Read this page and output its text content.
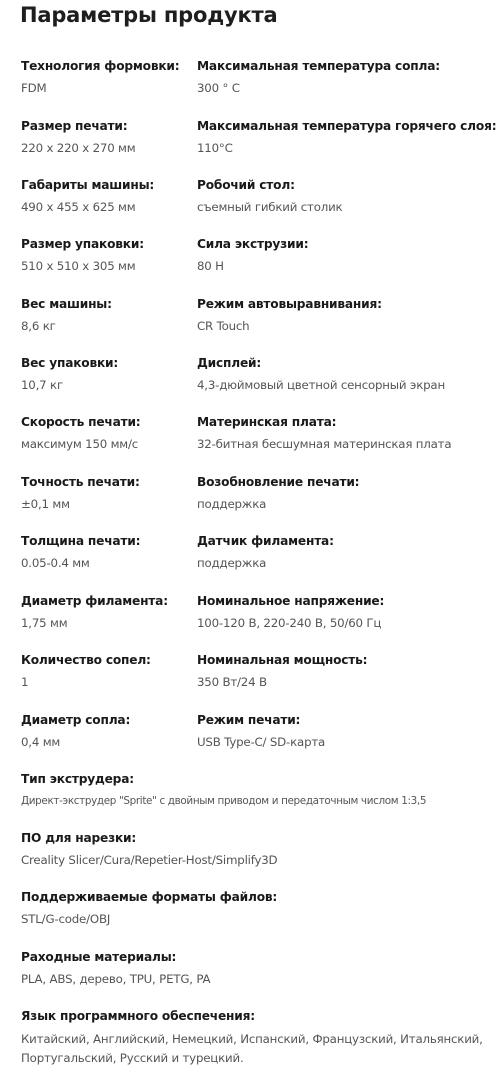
Параметры продукта
Технология формовки:
FDM
Максимальная температура сопла:
300 ° C
Размер печати:
220 x 220 x 270 мм
Максимальная температура горячего слоя:
110°C
Габариты машины:
490 x 455 x 625 мм
Робочий стол:
съемный гибкий столик
Размер упаковки:
510 x 510 x 305 мм
Сила экструзии:
80 Н
Вес машины:
8,6 кг
Режим автовыравнивания:
CR Touch
Вес упаковки:
10,7 кг
Дисплей:
4,3-дюймовый цветной сенсорный экран
Скорость печати:
максимум 150 мм/с
Материнская плата:
32-битная бесшумная материнская плата
Точность печати:
±0,1 мм
Возобновление печати:
поддержка
Толщина печати:
0.05-0.4 мм
Датчик филамента:
поддержка
Диаметр филамента:
1,75 мм
Номинальное напряжение:
100-120 В, 220-240 В, 50/60 Гц
Количество сопел:
1
Номинальная мощность:
350 Вт/24 В
Диаметр сопла:
0,4 мм
Режим печати:
USB Type-C/ SD-карта
Тип экструдера:
Директ-экструдер "Sprite" с двойным приводом и передаточным числом 1:3,5
ПО для нарезки:
Creality Slicer/Cura/Repetier-Host/Simplify3D
Поддерживаемые форматы файлов:
STL/G-code/OBJ
Раходные материалы:
PLA, ABS, дерево, TPU, PETG, PA
Язык программного обеспечения:
Китайский, Английский, Немецкий, Испанский, Французский, Итальянский, Португальский, Русский и турецкий.
